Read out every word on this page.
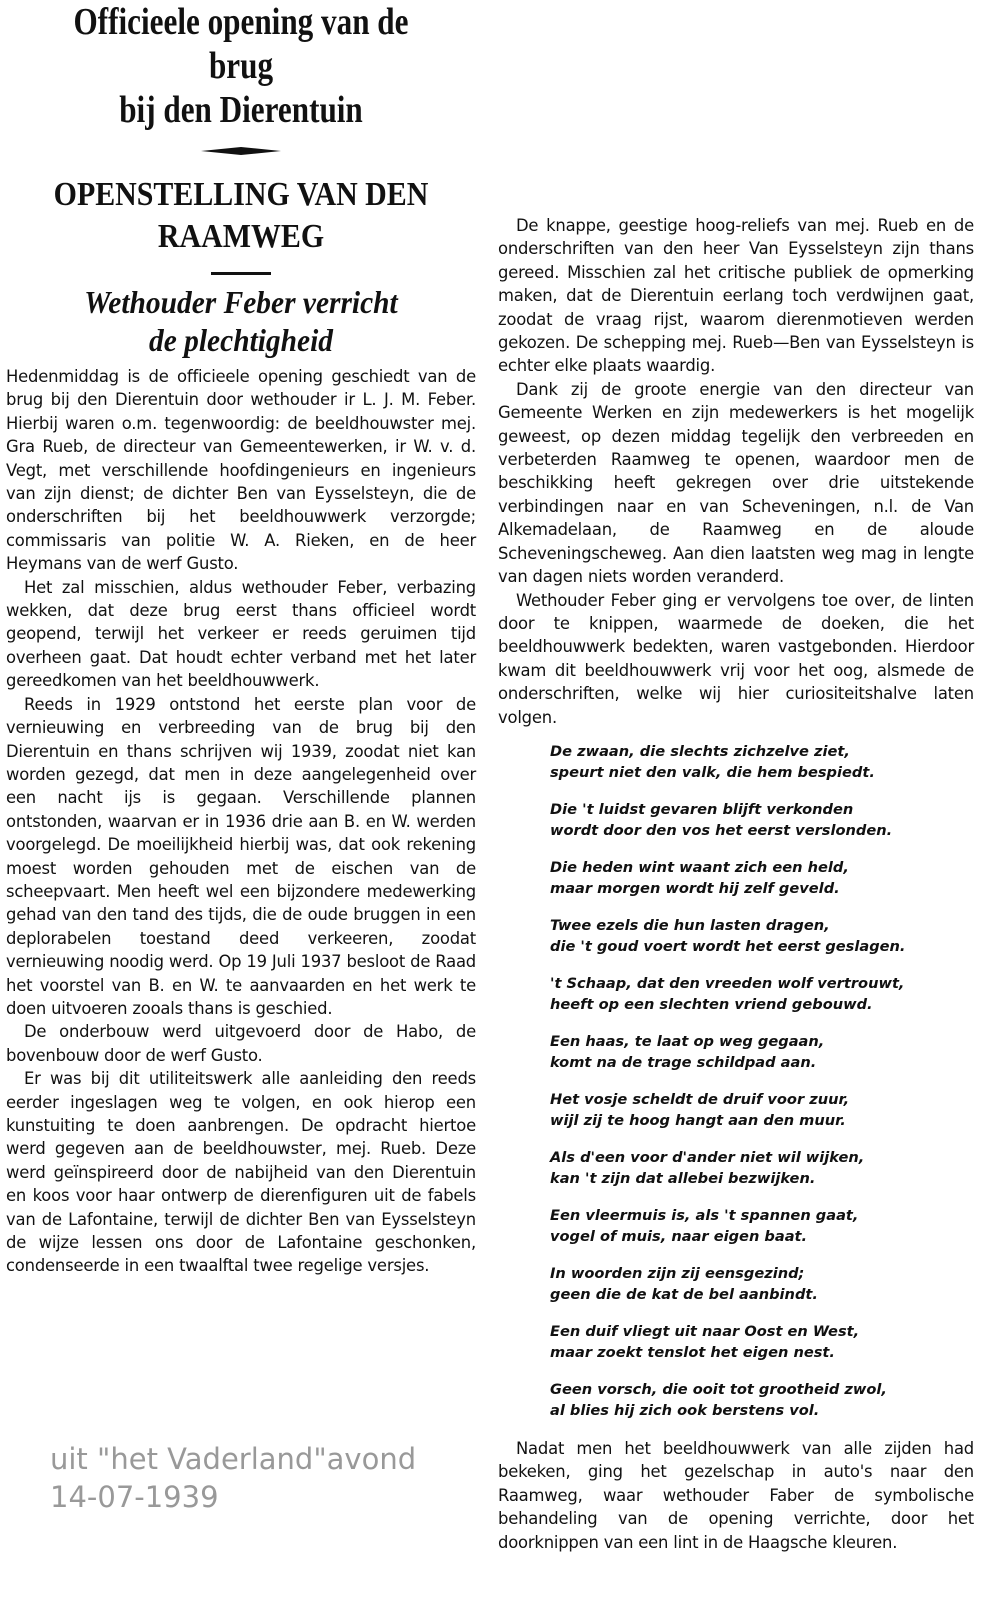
Officieele opening van de brug
bij den Dierentuin
OPENSTELLING VAN DEN
RAAMWEG
Wethouder Feber verricht
de plechtigheid

Hedenmiddag is de officieele opening geschiedt van de brug bij den Dierentuin door wethouder ir L. J. M. Feber. Hierbij waren o.m. tegenwoordig: de beeldhouwster mej. Gra Rueb, de directeur van Gemeentewerken, ir W. v. d. Vegt, met verschillende hoofdingenieurs en ingenieurs van zijn dienst; de dichter Ben van Eysselsteyn, die de onderschriften bij het beeldhouwwerk verzorgde; commissaris van politie W. A. Rieken, en de heer Heymans van de werf Gusto.

Het zal misschien, aldus wethouder Feber, verbazing wekken, dat deze brug eerst thans officieel wordt geopend, terwijl het verkeer er reeds geruimen tijd overheen gaat. Dat houdt echter verband met het later gereedkomen van het beeldhouwwerk.

Reeds in 1929 ontstond het eerste plan voor de vernieuwing en verbreeding van de brug bij den Dierentuin en thans schrijven wij 1939, zoodat niet kan worden gezegd, dat men in deze aangelegenheid over een nacht ijs is gegaan. Verschillende plannen ontstonden, waarvan er in 1936 drie aan B. en W. werden voorgelegd. De moeilijkheid hierbij was, dat ook rekening moest worden gehouden met de eischen van de scheepvaart. Men heeft wel een bijzondere medewerking gehad van den tand des tijds, die de oude bruggen in een deplorabelen toestand deed verkeeren, zoodat vernieuwing noodig werd. Op 19 Juli 1937 besloot de Raad het voorstel van B. en W. te aanvaarden en het werk te doen uitvoeren zooals thans is geschied.

De onderbouw werd uitgevoerd door de Habo, de bovenbouw door de werf Gusto.

Er was bij dit utiliteitswerk alle aanleiding den reeds eerder ingeslagen weg te volgen, en ook hierop een kunstuiting te doen aanbrengen. De opdracht hiertoe werd gegeven aan de beeldhouwster, mej. Rueb. Deze werd geïnspireerd door de nabijheid van den Dierentuin en koos voor haar ontwerp de dierenfiguren uit de fabels van de Lafontaine, terwijl de dichter Ben van Eysselsteyn de wijze lessen ons door de Lafontaine geschonken, condenseerde in een twaalftal twee regelige versjes.

De knappe, geestige hoog-reliefs van mej. Rueb en de onderschriften van den heer Van Eysselsteyn zijn thans gereed. Misschien zal het critische publiek de opmerking maken, dat de Dierentuin eerlang toch verdwijnen gaat, zoodat de vraag rijst, waarom dierenmotieven werden gekozen. De schepping mej. Rueb—Ben van Eysselsteyn is echter elke plaats waardig.

Dank zij de groote energie van den directeur van Gemeente Werken en zijn medewerkers is het mogelijk geweest, op dezen middag tegelijk den verbreeden en verbeterden Raamweg te openen, waardoor men de beschikking heeft gekregen over drie uitstekende verbindingen naar en van Scheveningen, n.l. de Van Alkemadelaan, de Raamweg en de aloude Scheveningscheweg. Aan dien laatsten weg mag in lengte van dagen niets worden veranderd.

Wethouder Feber ging er vervolgens toe over, de linten door te knippen, waarmede de doeken, die het beeldhouwwerk bedekten, waren vastgebonden. Hierdoor kwam dit beeldhouwwerk vrij voor het oog, alsmede de onderschriften, welke wij hier curiositeitshalve laten volgen.

De zwaan, die slechts zichzelve ziet,
speurt niet den valk, die hem bespiedt.
Die 't luidst gevaren blijft verkonden
wordt door den vos het eerst verslonden.
Die heden wint waant zich een held,
maar morgen wordt hij zelf geveld.
Twee ezels die hun lasten dragen,
die 't goud voert wordt het eerst geslagen.
't Schaap, dat den vreeden wolf vertrouwt,
heeft op een slechten vriend gebouwd.
Een haas, te laat op weg gegaan,
komt na de trage schildpad aan.
Het vosje scheldt de druif voor zuur,
wijl zij te hoog hangt aan den muur.
Als d'een voor d'ander niet wil wijken,
kan 't zijn dat allebei bezwijken.
Een vleermuis is, als 't spannen gaat,
vogel of muis, naar eigen baat.
In woorden zijn zij eensgezind;
geen die de kat de bel aanbindt.
Een duif vliegt uit naar Oost en West,
maar zoekt tenslot het eigen nest.
Geen vorsch, die ooit tot grootheid zwol,
al blies hij zich ook berstens vol.

Nadat men het beeldhouwwerk van alle zijden had bekeken, ging het gezelschap in auto's naar den Raamweg, waar wethouder Faber de symbolische behandeling van de opening verrichte, door het doorknippen van een lint in de Haagsche kleuren.

uit "het Vaderland"avond
14-07-1939
